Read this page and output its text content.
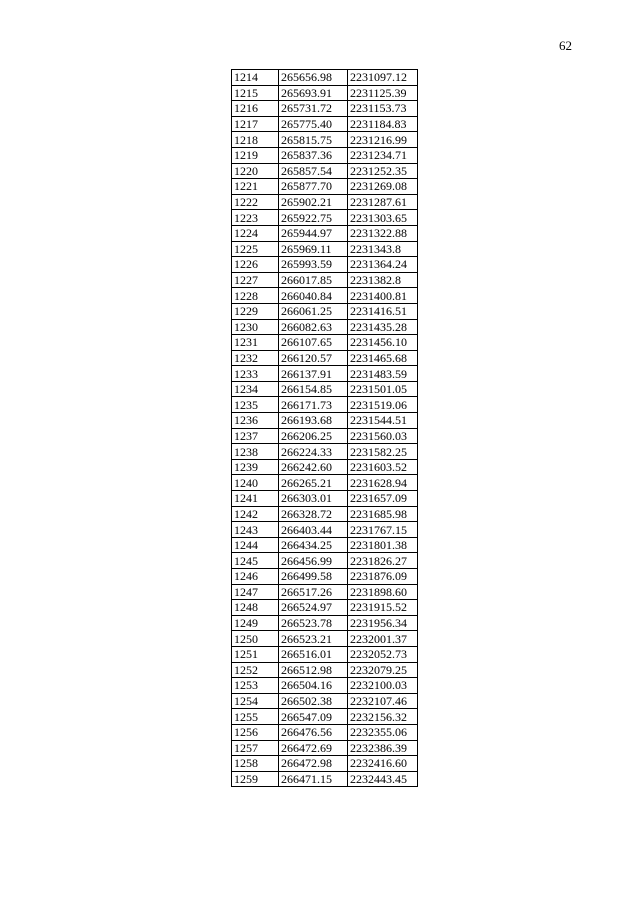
62
1214	265656.98	2231097.12
1215	265693.91	2231125.39
1216	265731.72	2231153.73
1217	265775.40	2231184.83
1218	265815.75	2231216.99
1219	265837.36	2231234.71
1220	265857.54	2231252.35
1221	265877.70	2231269.08
1222	265902.21	2231287.61
1223	265922.75	2231303.65
1224	265944.97	2231322.88
1225	265969.11	2231343.8
1226	265993.59	2231364.24
1227	266017.85	2231382.8
1228	266040.84	2231400.81
1229	266061.25	2231416.51
1230	266082.63	2231435.28
1231	266107.65	2231456.10
1232	266120.57	2231465.68
1233	266137.91	2231483.59
1234	266154.85	2231501.05
1235	266171.73	2231519.06
1236	266193.68	2231544.51
1237	266206.25	2231560.03
1238	266224.33	2231582.25
1239	266242.60	2231603.52
1240	266265.21	2231628.94
1241	266303.01	2231657.09
1242	266328.72	2231685.98
1243	266403.44	2231767.15
1244	266434.25	2231801.38
1245	266456.99	2231826.27
1246	266499.58	2231876.09
1247	266517.26	2231898.60
1248	266524.97	2231915.52
1249	266523.78	2231956.34
1250	266523.21	2232001.37
1251	266516.01	2232052.73
1252	266512.98	2232079.25
1253	266504.16	2232100.03
1254	266502.38	2232107.46
1255	266547.09	2232156.32
1256	266476.56	2232355.06
1257	266472.69	2232386.39
1258	266472.98	2232416.60
1259	266471.15	2232443.45
